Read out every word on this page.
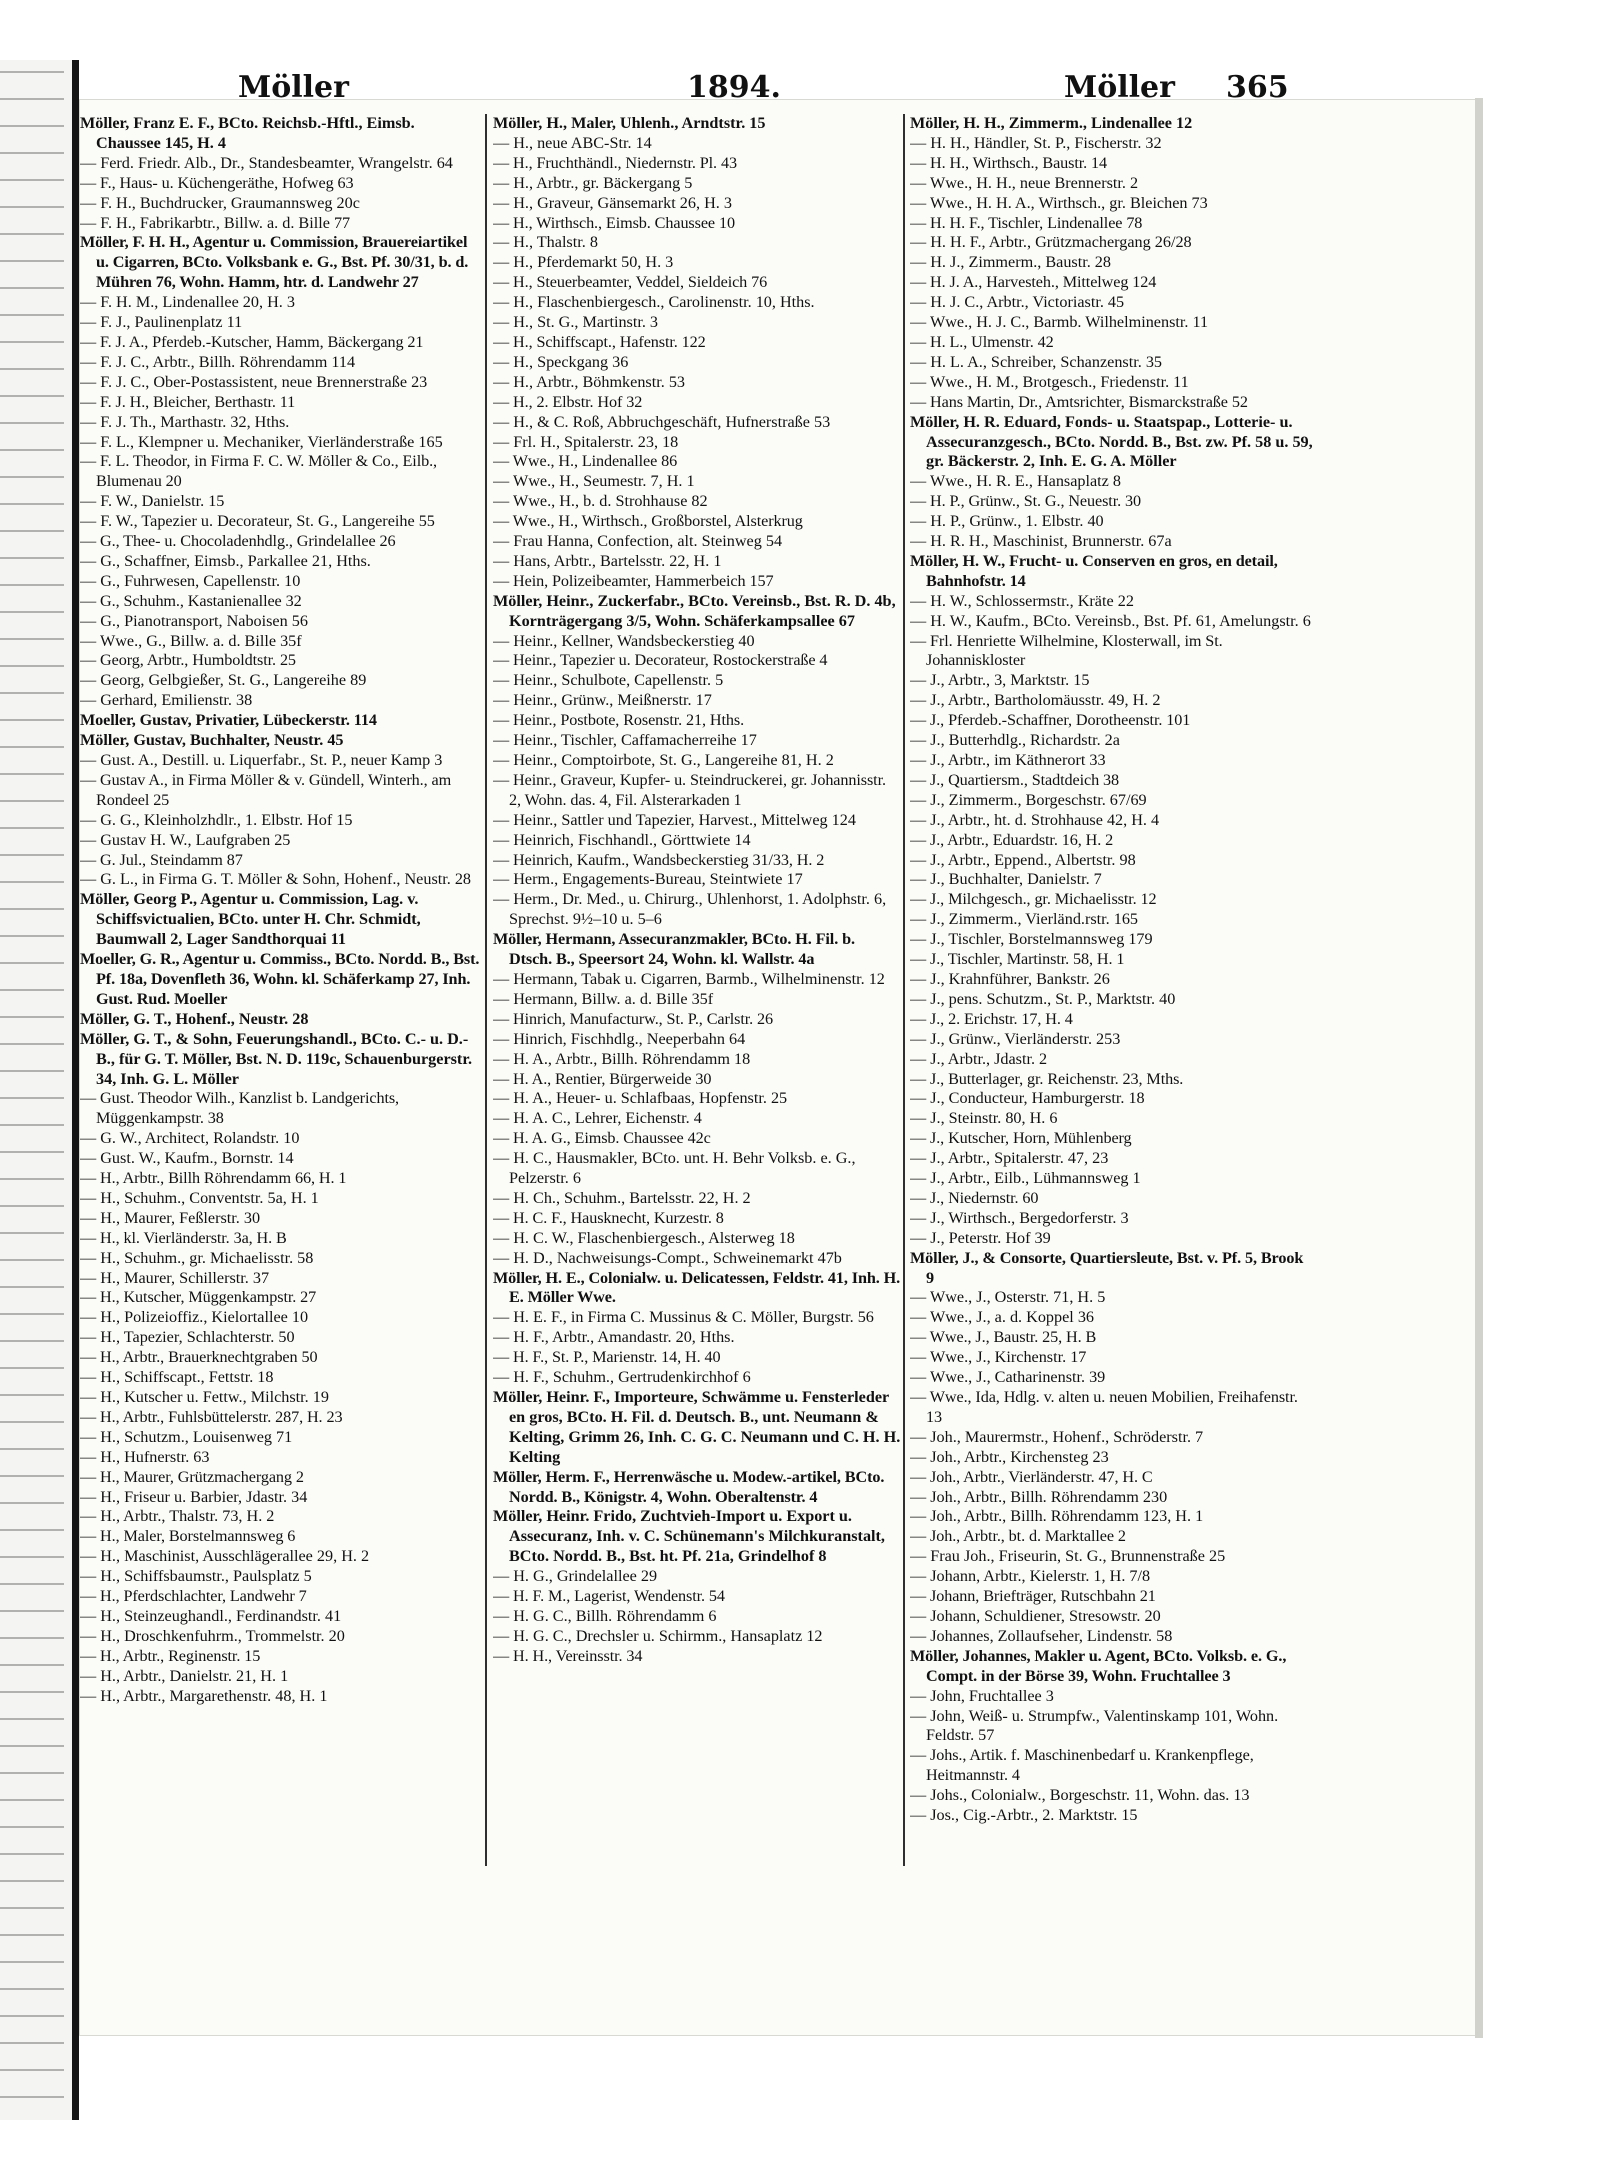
Möller	1894.	Möller 365

Möller, Franz E. F., BCto. Reichsb.-Hftl., Eimsb. Chaussee 145, H. 4

— Ferd. Friedr. Alb., Dr., Standesbeamter, Wrangelstr. 64

— F., Haus- u. Küchengeräthe, Hofweg 63

— F. H., Buchdrucker, Graumannsweg 20c

— F. H., Fabrikarbtr., Billw. a. d. Bille 77

Möller, F. H. H., Agentur u. Commission, Brauereiartikel u. Cigarren, BCto. Volksbank e. G., Bst. Pf. 30/31, b. d. Mühren 76, Wohn. Hamm, htr. d. Landwehr 27

— F. H. M., Lindenallee 20, H. 3

— F. J., Paulinenplatz 11

— F. J. A., Pferdeb.-Kutscher, Hamm, Bäckergang 21

— F. J. C., Arbtr., Billh. Röhrendamm 114

— F. J. C., Ober-Postassistent, neue Brennerstraße 23

— F. J. H., Bleicher, Berthastr. 11

— F. J. Th., Marthastr. 32, Hths.

— F. L., Klempner u. Mechaniker, Vierländerstraße 165

— F. L. Theodor, in Firma F. C. W. Möller & Co., Eilb., Blumenau 20

— F. W., Danielstr. 15

— F. W., Tapezier u. Decorateur, St. G., Langereihe 55

— G., Thee- u. Chocoladenhdlg., Grindelallee 26

— G., Schaffner, Eimsb., Parkallee 21, Hths.

— G., Fuhrwesen, Capellenstr. 10

— G., Schuhm., Kastanienallee 32

— G., Pianotransport, Naboisen 56

— Wwe., G., Billw. a. d. Bille 35f

— Georg, Arbtr., Humboldtstr. 25

— Georg, Gelbgießer, St. G., Langereihe 89

— Gerhard, Emilienstr. 38

Moeller, Gustav, Privatier, Lübeckerstr. 114

Möller, Gustav, Buchhalter, Neustr. 45

— Gust. A., Destill. u. Liquerfabr., St. P., neuer Kamp 3

— Gustav A., in Firma Möller & v. Gündell, Winterh., am Rondeel 25

— G. G., Kleinholzhdlr., 1. Elbstr. Hof 15

— Gustav H. W., Laufgraben 25

— G. Jul., Steindamm 87

— G. L., in Firma G. T. Möller & Sohn, Hohenf., Neustr. 28

Möller, Georg P., Agentur u. Commission, Lag. v. Schiffsvictualien, BCto. unter H. Chr. Schmidt, Baumwall 2, Lager Sandthorquai 11

Moeller, G. R., Agentur u. Commiss., BCto. Nordd. B., Bst. Pf. 18a, Dovenfleth 36, Wohn. kl. Schäferkamp 27, Inh. Gust. Rud. Moeller

Möller, G. T., Hohenf., Neustr. 28

Möller, G. T., & Sohn, Feuerungshandl., BCto. C.- u. D.-B., für G. T. Möller, Bst. N. D. 119c, Schauenburgerstr. 34, Inh. G. L. Möller

— Gust. Theodor Wilh., Kanzlist b. Landgerichts, Müggenkampstr. 38

— G. W., Architect, Rolandstr. 10

— Gust. W., Kaufm., Bornstr. 14

— H., Arbtr., Billh Röhrendamm 66, H. 1

— H., Schuhm., Conventstr. 5a, H. 1

— H., Maurer, Feßlerstr. 30

— H., kl. Vierländerstr. 3a, H. B

— H., Schuhm., gr. Michaelisstr. 58

— H., Maurer, Schillerstr. 37

— H., Kutscher, Müggenkampstr. 27

— H., Polizeioffiz., Kielortallee 10

— H., Tapezier, Schlachterstr. 50

— H., Arbtr., Brauerknechtgraben 50

— H., Schiffscapt., Fettstr. 18

— H., Kutscher u. Fettw., Milchstr. 19

— H., Arbtr., Fuhlsbüttelerstr. 287, H. 23

— H., Schutzm., Louisenweg 71

— H., Hufnerstr. 63

— H., Maurer, Grützmachergang 2

— H., Friseur u. Barbier, Jdastr. 34

— H., Arbtr., Thalstr. 73, H. 2

— H., Maler, Borstelmannsweg 6

— H., Maschinist, Ausschlägerallee 29, H. 2

— H., Schiffsbaumstr., Paulsplatz 5

— H., Pferdschlachter, Landwehr 7

— H., Steinzeughandl., Ferdinandstr. 41

— H., Droschkenfuhrm., Trommelstr. 20

— H., Arbtr., Reginenstr. 15

— H., Arbtr., Danielstr. 21, H. 1

— H., Arbtr., Margarethenstr. 48, H. 1

Möller, H., Maler, Uhlenh., Arndtstr. 15

— H., neue ABC-Str. 14

— H., Fruchthändl., Niedernstr. Pl. 43

— H., Arbtr., gr. Bäckergang 5

— H., Graveur, Gänsemarkt 26, H. 3

— H., Wirthsch., Eimsb. Chaussee 10

— H., Thalstr. 8

— H., Pferdemarkt 50, H. 3

— H., Steuerbeamter, Veddel, Sieldeich 76

— H., Flaschenbiergesch., Carolinenstr. 10, Hths.

— H., St. G., Martinstr. 3

— H., Schiffscapt., Hafenstr. 122

— H., Speckgang 36

— H., Arbtr., Böhmkenstr. 53

— H., 2. Elbstr. Hof 32

— H., & C. Roß, Abbruchgeschäft, Hufnerstraße 53

— Frl. H., Spitalerstr. 23, 18

— Wwe., H., Lindenallee 86

— Wwe., H., Seumestr. 7, H. 1

— Wwe., H., b. d. Strohhause 82

— Wwe., H., Wirthsch., Großborstel, Alsterkrug

— Frau Hanna, Confection, alt. Steinweg 54

— Hans, Arbtr., Bartelsstr. 22, H. 1

— Hein, Polizeibeamter, Hammerbeich 157

Möller, Heinr., Zuckerfabr., BCto. Vereinsb., Bst. R. D. 4b, Kornträgergang 3/5, Wohn. Schäferkampsallee 67

— Heinr., Kellner, Wandsbeckerstieg 40

— Heinr., Tapezier u. Decorateur, Rostockerstraße 4

— Heinr., Schulbote, Capellenstr. 5

— Heinr., Grünw., Meißnerstr. 17

— Heinr., Postbote, Rosenstr. 21, Hths.

— Heinr., Tischler, Caffamacherreihe 17

— Heinr., Comptoirbote, St. G., Langereihe 81, H. 2

— Heinr., Graveur, Kupfer- u. Steindruckerei, gr. Johannisstr. 2, Wohn. das. 4, Fil. Alsterarkaden 1

— Heinr., Sattler und Tapezier, Harvest., Mittelweg 124

— Heinrich, Fischhandl., Görttwiete 14

— Heinrich, Kaufm., Wandsbeckerstieg 31/33, H. 2

— Herm., Engagements-Bureau, Steintwiete 17

— Herm., Dr. Med., u. Chirurg., Uhlenhorst, 1. Adolphstr. 6, Sprechst. 9½–10 u. 5–6

Möller, Hermann, Assecuranzmakler, BCto. H. Fil. b. Dtsch. B., Speersort 24, Wohn. kl. Wallstr. 4a

— Hermann, Tabak u. Cigarren, Barmb., Wilhelminenstr. 12

— Hermann, Billw. a. d. Bille 35f

— Hinrich, Manufacturw., St. P., Carlstr. 26

— Hinrich, Fischhdlg., Neeperbahn 64

— H. A., Arbtr., Billh. Röhrendamm 18

— H. A., Rentier, Bürgerweide 30

— H. A., Heuer- u. Schlafbaas, Hopfenstr. 25

— H. A. C., Lehrer, Eichenstr. 4

— H. A. G., Eimsb. Chaussee 42c

— H. C., Hausmakler, BCto. unt. H. Behr Volksb. e. G., Pelzerstr. 6

— H. Ch., Schuhm., Bartelsstr. 22, H. 2

— H. C. F., Hausknecht, Kurzestr. 8

— H. C. W., Flaschenbiergesch., Alsterweg 18

— H. D., Nachweisungs-Compt., Schweinemarkt 47b

Möller, H. E., Colonialw. u. Delicatessen, Feldstr. 41, Inh. H. E. Möller Wwe.

— H. E. F., in Firma C. Mussinus & C. Möller, Burgstr. 56

— H. F., Arbtr., Amandastr. 20, Hths.

— H. F., St. P., Marienstr. 14, H. 40

— H. F., Schuhm., Gertrudenkirchhof 6

Möller, Heinr. F., Importeure, Schwämme u. Fensterleder en gros, BCto. H. Fil. d. Deutsch. B., unt. Neumann & Kelting, Grimm 26, Inh. C. G. C. Neumann und C. H. H. Kelting

Möller, Herm. F., Herrenwäsche u. Modew.-artikel, BCto. Nordd. B., Königstr. 4, Wohn. Oberaltenstr. 4

Möller, Heinr. Frido, Zuchtvieh-Import u. Export u. Assecuranz, Inh. v. C. Schünemann's Milchkuranstalt, BCto. Nordd. B., Bst. ht. Pf. 21a, Grindelhof 8

— H. G., Grindelallee 29

— H. F. M., Lagerist, Wendenstr. 54

— H. G. C., Billh. Röhrendamm 6

— H. G. C., Drechsler u. Schirmm., Hansaplatz 12

— H. H., Vereinsstr. 34

Möller, H. H., Zimmerm., Lindenallee 12

— H. H., Händler, St. P., Fischerstr. 32

— H. H., Wirthsch., Baustr. 14

— Wwe., H. H., neue Brennerstr. 2

— Wwe., H. H. A., Wirthsch., gr. Bleichen 73

— H. H. F., Tischler, Lindenallee 78

— H. H. F., Arbtr., Grützmachergang 26/28

— H. J., Zimmerm., Baustr. 28

— H. J. A., Harvesteh., Mittelweg 124

— H. J. C., Arbtr., Victoriastr. 45

— Wwe., H. J. C., Barmb. Wilhelminenstr. 11

— H. L., Ulmenstr. 42

— H. L. A., Schreiber, Schanzenstr. 35

— Wwe., H. M., Brotgesch., Friedenstr. 11

— Hans Martin, Dr., Amtsrichter, Bismarckstraße 52

Möller, H. R. Eduard, Fonds- u. Staatspap., Lotterie- u. Assecuranzgesch., BCto. Nordd. B., Bst. zw. Pf. 58 u. 59, gr. Bäckerstr. 2, Inh. E. G. A. Möller

— Wwe., H. R. E., Hansaplatz 8

— H. P., Grünw., St. G., Neuestr. 30

— H. P., Grünw., 1. Elbstr. 40

— H. R. H., Maschinist, Brunnerstr. 67a

Möller, H. W., Frucht- u. Conserven en gros, en detail, Bahnhofstr. 14

— H. W., Schlossermstr., Kräte 22

— H. W., Kaufm., BCto. Vereinsb., Bst. Pf. 61, Amelungstr. 6

— Frl. Henriette Wilhelmine, Klosterwall, im St. Johanniskloster

— J., Arbtr., 3, Marktstr. 15

— J., Arbtr., Bartholomäusstr. 49, H. 2

— J., Pferdeb.-Schaffner, Dorotheenstr. 101

— J., Butterhdlg., Richardstr. 2a

— J., Arbtr., im Käthnerort 33

— J., Quartiersm., Stadtdeich 38

— J., Zimmerm., Borgeschstr. 67/69

— J., Arbtr., ht. d. Strohhause 42, H. 4

— J., Arbtr., Eduardstr. 16, H. 2

— J., Arbtr., Eppend., Albertstr. 98

— J., Buchhalter, Danielstr. 7

— J., Milchgesch., gr. Michaelisstr. 12

— J., Zimmerm., Vierländ.rstr. 165

— J., Tischler, Borstelmannsweg 179

— J., Tischler, Martinstr. 58, H. 1

— J., Krahnführer, Bankstr. 26

— J., pens. Schutzm., St. P., Marktstr. 40

— J., 2. Erichstr. 17, H. 4

— J., Grünw., Vierländerstr. 253

— J., Arbtr., Jdastr. 2

— J., Butterlager, gr. Reichenstr. 23, Mths.

— J., Conducteur, Hamburgerstr. 18

— J., Steinstr. 80, H. 6

— J., Kutscher, Horn, Mühlenberg

— J., Arbtr., Spitalerstr. 47, 23

— J., Arbtr., Eilb., Lühmannsweg 1

— J., Niedernstr. 60

— J., Wirthsch., Bergedorferstr. 3

— J., Peterstr. Hof 39

Möller, J., & Consorte, Quartiersleute, Bst. v. Pf. 5, Brook 9

— Wwe., J., Osterstr. 71, H. 5

— Wwe., J., a. d. Koppel 36

— Wwe., J., Baustr. 25, H. B

— Wwe., J., Kirchenstr. 17

— Wwe., J., Catharinenstr. 39

— Wwe., Ida, Hdlg. v. alten u. neuen Mobilien, Freihafenstr. 13

— Joh., Maurermstr., Hohenf., Schröderstr. 7

— Joh., Arbtr., Kirchensteg 23

— Joh., Arbtr., Vierländerstr. 47, H. C

— Joh., Arbtr., Billh. Röhrendamm 230

— Joh., Arbtr., Billh. Röhrendamm 123, H. 1

— Joh., Arbtr., bt. d. Marktallee 2

— Frau Joh., Friseurin, St. G., Brunnenstraße 25

— Johann, Arbtr., Kielerstr. 1, H. 7/8

— Johann, Briefträger, Rutschbahn 21

— Johann, Schuldiener, Stresowstr. 20

— Johannes, Zollaufseher, Lindenstr. 58

Möller, Johannes, Makler u. Agent, BCto. Volksb. e. G., Compt. in der Börse 39, Wohn. Fruchtallee 3

— John, Fruchtallee 3

— John, Weiß- u. Strumpfw., Valentinskamp 101, Wohn. Feldstr. 57

— Johs., Artik. f. Maschinenbedarf u. Krankenpflege, Heitmannstr. 4

— Johs., Colonialw., Borgeschstr. 11, Wohn. das. 13

— Jos., Cig.-Arbtr., 2. Marktstr. 15
